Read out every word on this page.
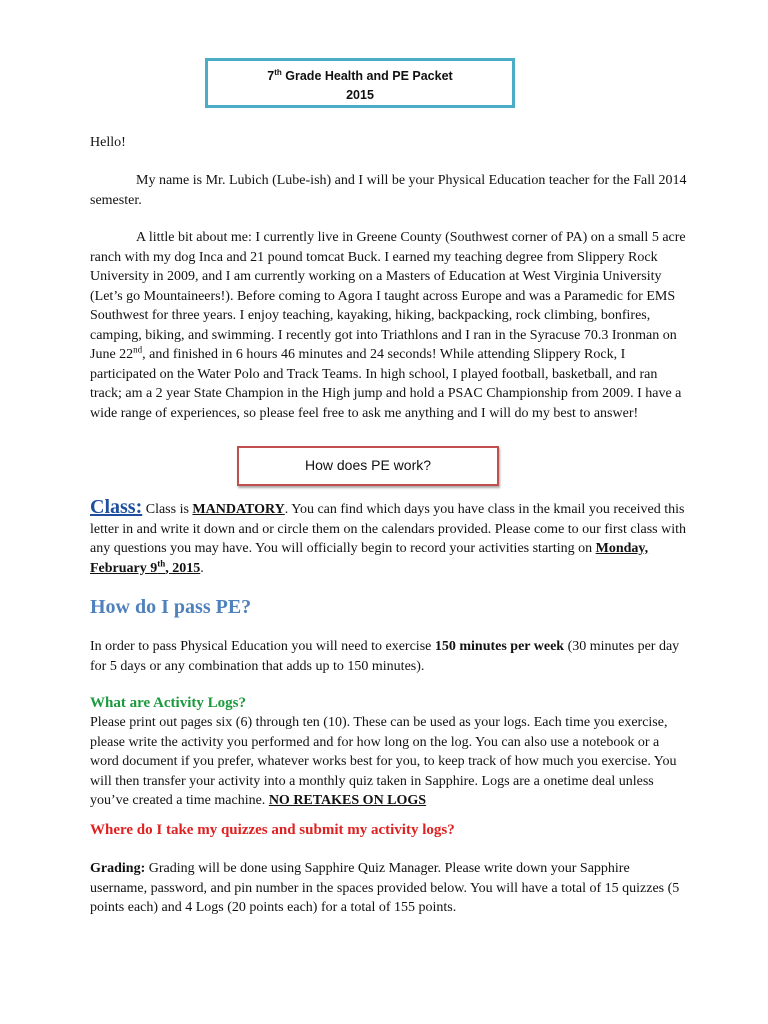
7th Grade Health and PE Packet
2015

Hello!

My name is Mr. Lubich (Lube-ish) and I will be your Physical Education teacher for the Fall 2014 semester.

A little bit about me: I currently live in Greene County (Southwest corner of PA) on a small 5 acre ranch with my dog Inca and 21 pound tomcat Buck. I earned my teaching degree from Slippery Rock University in 2009, and I am currently working on a Masters of Education at West Virginia University (Let’s go Mountaineers!). Before coming to Agora I taught across Europe and was a Paramedic for EMS Southwest for three years. I enjoy teaching, kayaking, hiking, backpacking, rock climbing, bonfires, camping, biking, and swimming. I recently got into Triathlons and I ran in the Syracuse 70.3 Ironman on June 22nd, and finished in 6 hours 46 minutes and 24 seconds! While attending Slippery Rock, I participated on the Water Polo and Track Teams. In high school, I played football, basketball, and ran track; am a 2 year State Champion in the High jump and hold a PSAC Championship from 2009. I have a wide range of experiences, so please feel free to ask me anything and I will do my best to answer!

How does PE work?

Class: Class is MANDATORY. You can find which days you have class in the kmail you received this letter in and write it down and or circle them on the calendars provided. Please come to our first class with any questions you may have. You will officially begin to record your activities starting on Monday, February 9th, 2015.

How do I pass PE?

In order to pass Physical Education you will need to exercise 150 minutes per week (30 minutes per day for 5 days or any combination that adds up to 150 minutes).

What are Activity Logs?

Please print out pages six (6) through ten (10). These can be used as your logs. Each time you exercise, please write the activity you performed and for how long on the log. You can also use a notebook or a word document if you prefer, whatever works best for you, to keep track of how much you exercise. You will then transfer your activity into a monthly quiz taken in Sapphire. Logs are a onetime deal unless you’ve created a time machine. NO RETAKES ON LOGS

Where do I take my quizzes and submit my activity logs?

Grading: Grading will be done using Sapphire Quiz Manager. Please write down your Sapphire username, password, and pin number in the spaces provided below. You will have a total of 15 quizzes (5 points each) and 4 Logs (20 points each) for a total of 155 points.
